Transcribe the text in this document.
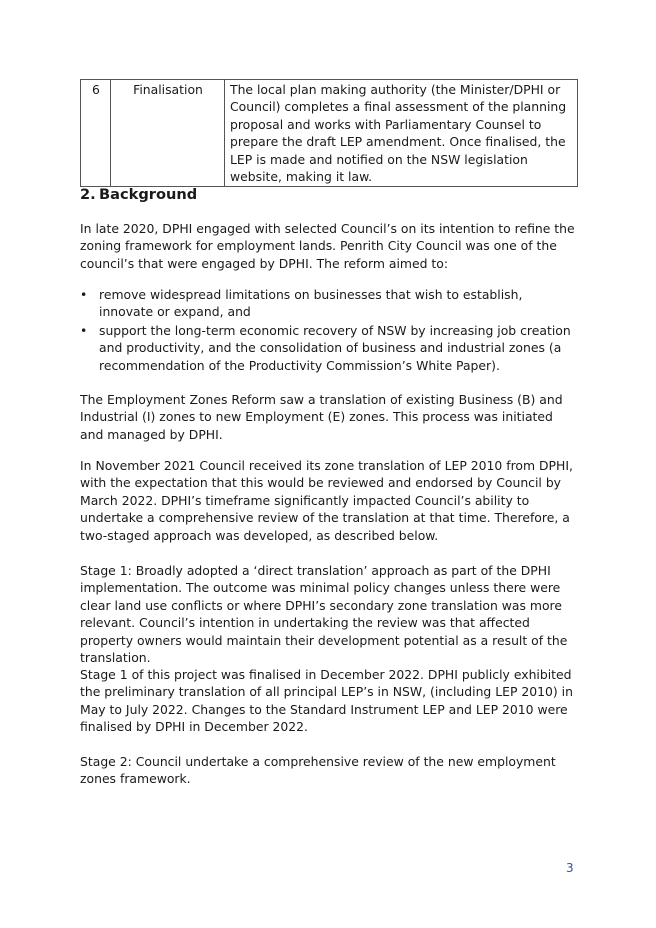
6	Finalisation	The local plan making authority (the Minister/DPHI or Council) completes a final assessment of the planning proposal and works with Parliamentary Counsel to prepare the draft LEP amendment. Once finalised, the LEP is made and notified on the NSW legislation website, making it law.
2. Background

In late 2020, DPHI engaged with selected Council’s on its intention to refine the zoning framework for employment lands. Penrith City Council was one of the council’s that were engaged by DPHI. The reform aimed to:

• remove widespread limitations on businesses that wish to establish, innovate or expand, and
• support the long-term economic recovery of NSW by increasing job creation and productivity, and the consolidation of business and industrial zones (a recommendation of the Productivity Commission’s White Paper).

The Employment Zones Reform saw a translation of existing Business (B) and Industrial (I) zones to new Employment (E) zones. This process was initiated and managed by DPHI.

In November 2021 Council received its zone translation of LEP 2010 from DPHI, with the expectation that this would be reviewed and endorsed by Council by March 2022. DPHI’s timeframe significantly impacted Council’s ability to undertake a comprehensive review of the translation at that time. Therefore, a two-staged approach was developed, as described below.

Stage 1: Broadly adopted a ‘direct translation’ approach as part of the DPHI implementation. The outcome was minimal policy changes unless there were clear land use conflicts or where DPHI’s secondary zone translation was more relevant. Council’s intention in undertaking the review was that affected property owners would maintain their development potential as a result of the translation.

Stage 1 of this project was finalised in December 2022. DPHI publicly exhibited the preliminary translation of all principal LEP’s in NSW, (including LEP 2010) in May to July 2022. Changes to the Standard Instrument LEP and LEP 2010 were finalised by DPHI in December 2022.

Stage 2: Council undertake a comprehensive review of the new employment zones framework.

3
